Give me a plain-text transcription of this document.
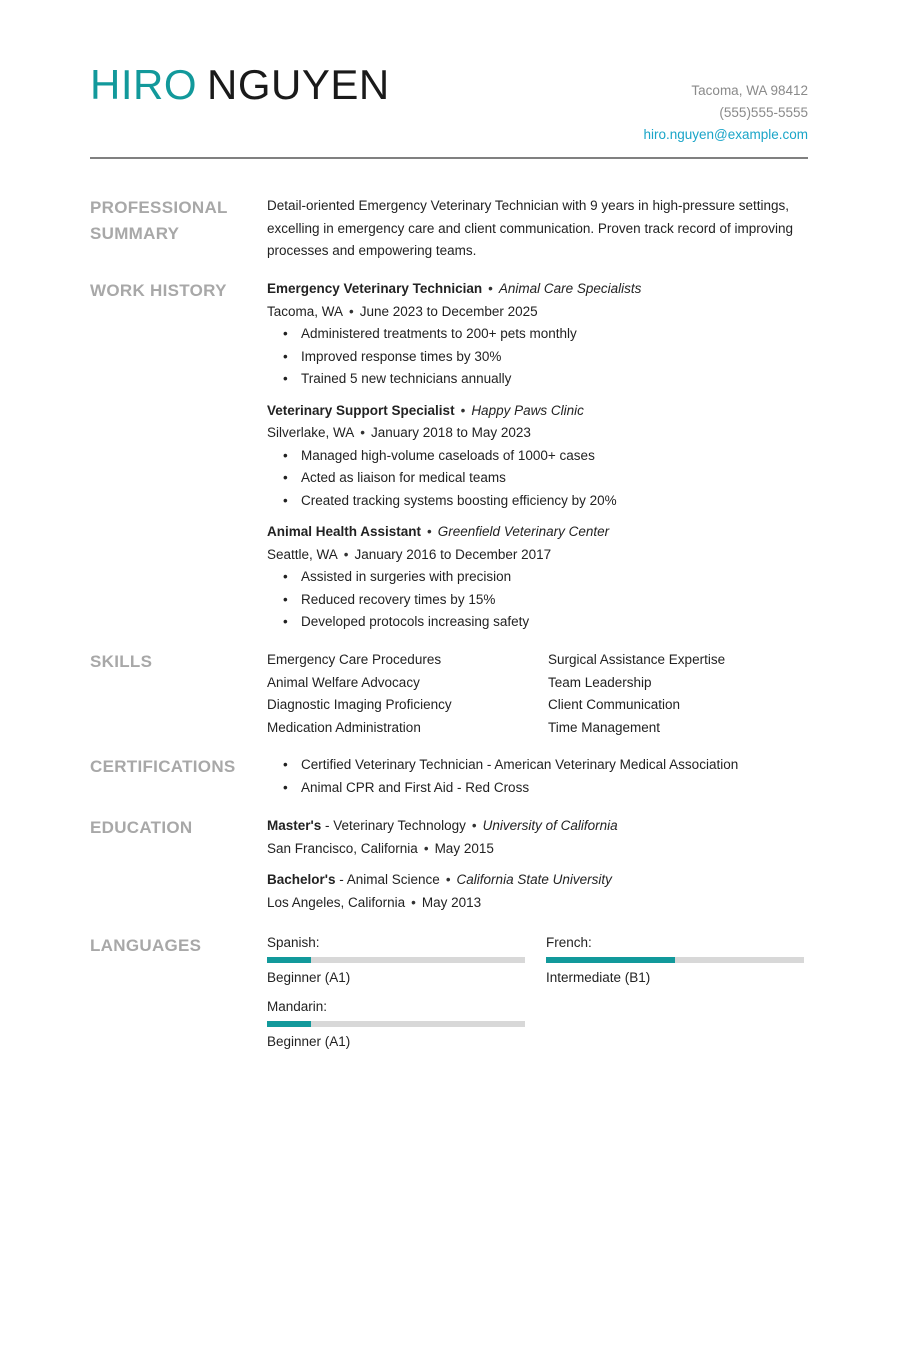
HIRO NGUYEN	Tacoma, WA 98412
(555)555-5555
hiro.nguyen@example.com
PROFESSIONAL
SUMMARY
Detail-oriented Emergency Veterinary Technician with 9 years in high-pressure settings, excelling in emergency care and client communication. Proven track record of improving processes and empowering teams.
WORK HISTORY	Emergency Veterinary Technician • Animal Care Specialists
Tacoma, WA • June 2023 to December 2025
• Administered treatments to 200+ pets monthly
• Improved response times by 30%
• Trained 5 new technicians annually
Veterinary Support Specialist • Happy Paws Clinic
Silverlake, WA • January 2018 to May 2023
• Managed high-volume caseloads of 1000+ cases
• Acted as liaison for medical teams
• Created tracking systems boosting efficiency by 20%
Animal Health Assistant • Greenfield Veterinary Center
Seattle, WA • January 2016 to December 2017
• Assisted in surgeries with precision
• Reduced recovery times by 15%
• Developed protocols increasing safety
SKILLS	Emergency Care Procedures	Surgical Assistance Expertise
Animal Welfare Advocacy	Team Leadership
Diagnostic Imaging Proficiency	Client Communication
Medication Administration	Time Management
CERTIFICATIONS
•	Certified Veterinary Technician - American Veterinary Medical Association
• Animal CPR and First Aid - Red Cross
EDUCATION	Master's - Veterinary Technology • University of California
San Francisco, California • May 2015
Bachelor's - Animal Science • California State University
Los Angeles, California • May 2013
LANGUAGES	Spanish:
Beginner (A1)
French:
Intermediate (B1)
Mandarin:
Beginner (A1)
